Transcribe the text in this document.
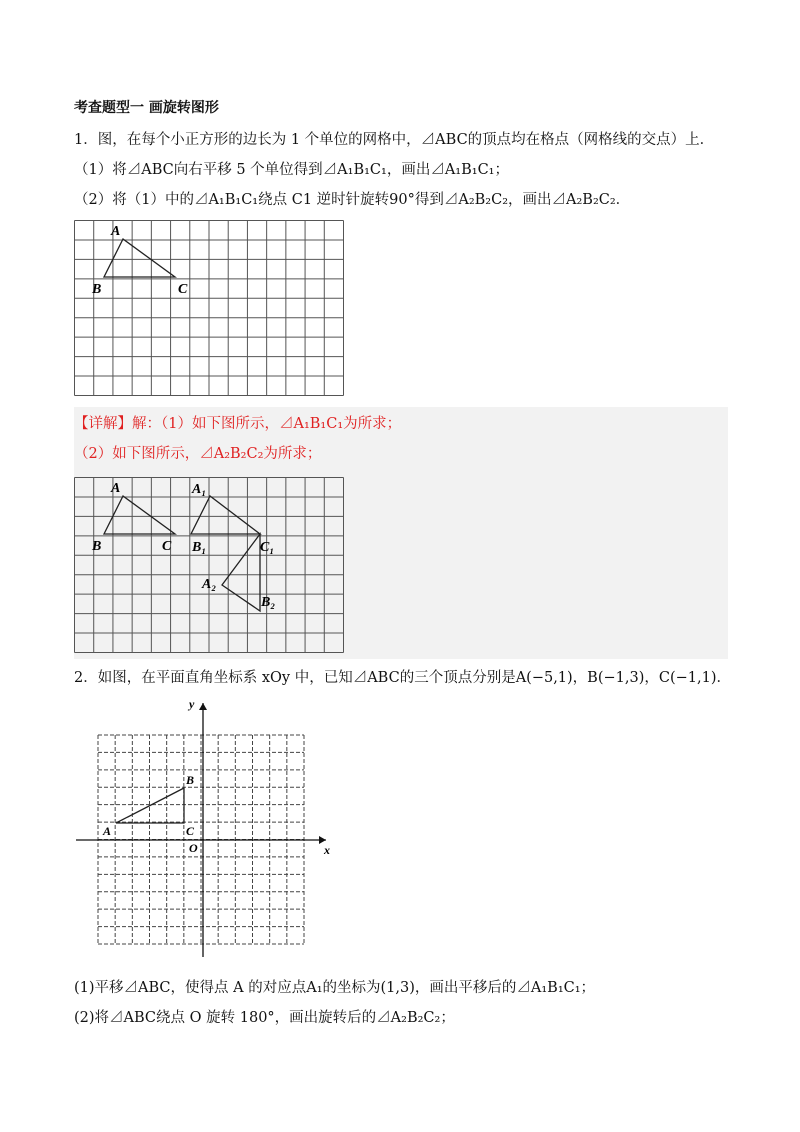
考查题型一 画旋转图形
1．图，在每个小正方形的边长为 1 个单位的网格中，⊿ABC的顶点均在格点（网格线的交点）上．
（1）将⊿ABC向右平移 5 个单位得到⊿A₁B₁C₁，画出⊿A₁B₁C₁；
（2）将（1）中的⊿A₁B₁C₁绕点 C1 逆时针旋转90°得到⊿A₂B₂C₂，画出⊿A₂B₂C₂．
A
B	C
【详解】解：（1）如下图所示，⊿A₁B₁C₁为所求；
（2）如下图所示，⊿A₂B₂C₂为所求；
A
B	C
A₁
B₁	C₁
A₂
B₂
2．如图，在平面直角坐标系 xOy 中，已知⊿ABC的三个顶点分别是A(−5,1)，B(−1,3)，C(−1,1)．
x
y
O
A
B
C
(1)平移⊿ABC，使得点 A 的对应点A₁的坐标为(1,3)，画出平移后的⊿A₁B₁C₁；
(2)将⊿ABC绕点 O 旋转 180°，画出旋转后的⊿A₂B₂C₂；
